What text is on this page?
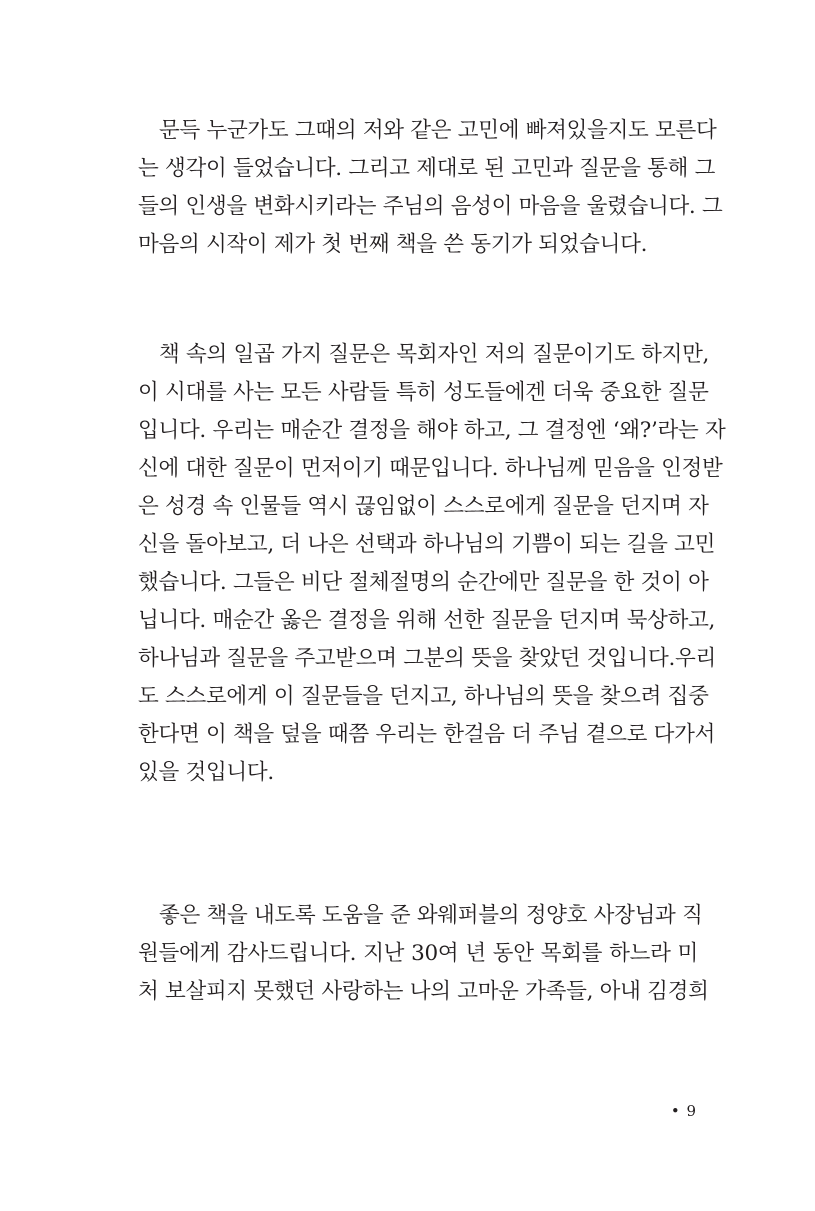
문득 누군가도 그때의 저와 같은 고민에 빠져있을지도 모른다
는 생각이 들었습니다. 그리고 제대로 된 고민과 질문을 통해 그
들의 인생을 변화시키라는 주님의 음성이 마음을 울렸습니다. 그
마음의 시작이 제가 첫 번째 책을 쓴 동기가 되었습니다.

책 속의 일곱 가지 질문은 목회자인 저의 질문이기도 하지만,
이 시대를 사는 모든 사람들 특히 성도들에겐 더욱 중요한 질문
입니다. 우리는 매순간 결정을 해야 하고, 그 결정엔 ‘왜?’라는 자
신에 대한 질문이 먼저이기 때문입니다. 하나님께 믿음을 인정받
은 성경 속 인물들 역시 끊임없이 스스로에게 질문을 던지며 자
신을 돌아보고, 더 나은 선택과 하나님의 기쁨이 되는 길을 고민
했습니다. 그들은 비단 절체절명의 순간에만 질문을 한 것이 아
닙니다. 매순간 옳은 결정을 위해 선한 질문을 던지며 묵상하고,
하나님과 질문을 주고받으며 그분의 뜻을 찾았던 것입니다.우리
도 스스로에게 이 질문들을 던지고, 하나님의 뜻을 찾으려 집중
한다면 이 책을 덮을 때쯤 우리는 한걸음 더 주님 곁으로 다가서
있을 것입니다.

좋은 책을 내도록 도움을 준 와웨퍼블의 정양호 사장님과 직
원들에게 감사드립니다. 지난 30여 년 동안 목회를 하느라 미
처 보살피지 못했던 사랑하는 나의 고마운 가족들, 아내 김경희

• 9
